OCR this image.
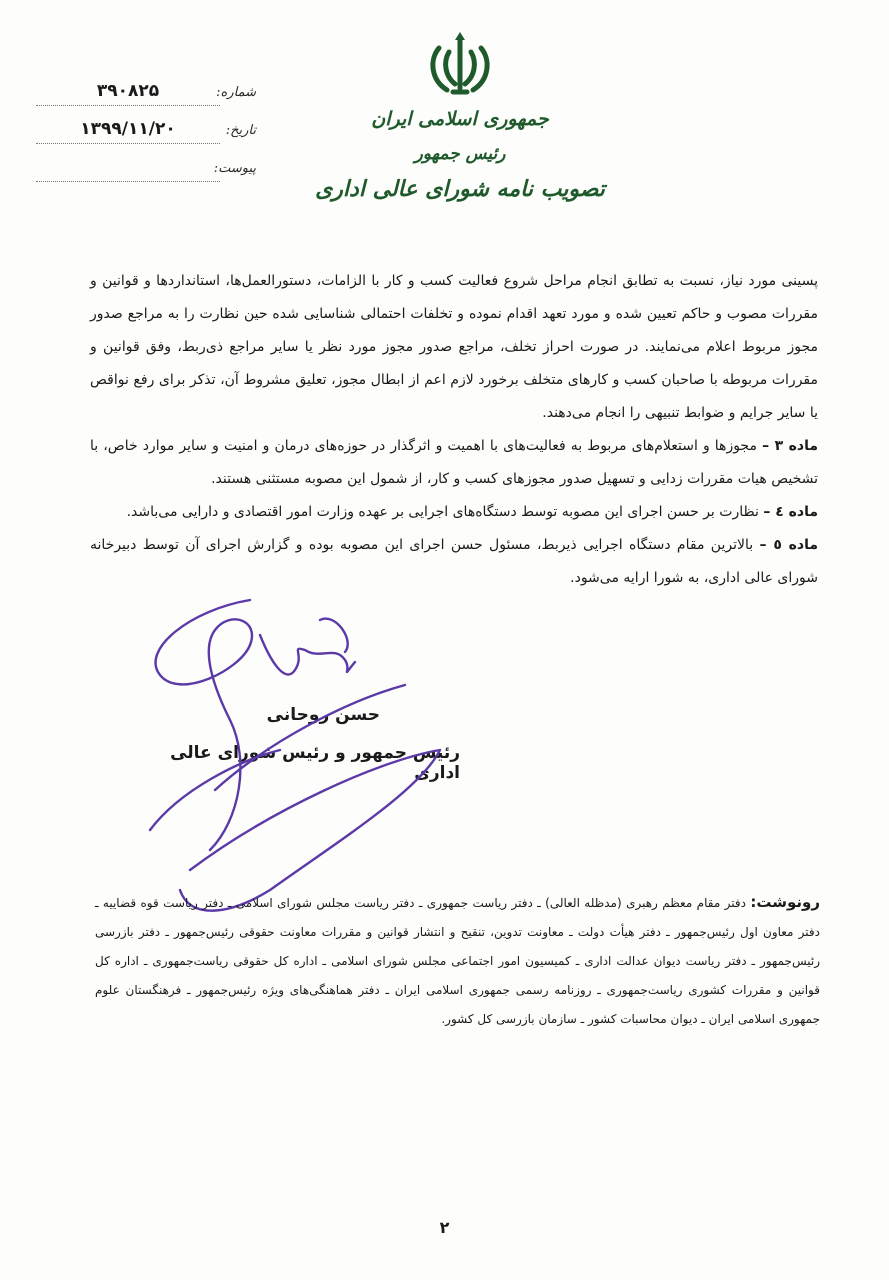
جمهوری اسلامی ایران
رئیس جمهور
تصویب نامه شورای عالی اداری
شماره:
۳۹۰۸۲۵
تاریخ:
۱۳۹۹/۱۱/۲۰
پیوست:

پسینی مورد نیاز، نسبت به تطابق انجام مراحل شروع فعالیت کسب و کار با الزامات، دستورالعمل‌ها، استانداردها و قوانین و مقررات مصوب و حاکم تعیین شده و مورد تعهد اقدام نموده و تخلفات احتمالی شناسایی شده حین نظارت را به مراجع صدور مجوز مربوط اعلام می‌نمایند. در صورت احراز تخلف، مراجع صدور مجوز مورد نظر یا سایر مراجع ذی‌ربط، وفق قوانین و مقررات مربوطه با صاحبان کسب و کارهای متخلف برخورد لازم اعم از ابطال مجوز، تعلیق مشروط آن، تذکر برای رفع نواقص یا سایر جرایم و ضوابط تنبیهی را انجام می‌دهند.

ماده ۳ – مجوزها و استعلام‌های مربوط به فعالیت‌های با اهمیت و اثرگذار در حوزه‌های درمان و امنیت و سایر موارد خاص، با تشخیص هیات مقررات زدایی و تسهیل صدور مجوزهای کسب و کار، از شمول این مصوبه مستثنی هستند.

ماده ٤ – نظارت بر حسن اجرای این مصوبه توسط دستگاه‌های اجرایی بر عهده وزارت امور اقتصادی و دارایی می‌باشد.

ماده ٥ – بالاترین مقام دستگاه اجرایی ذیربط، مسئول حسن اجرای این مصوبه بوده و گزارش اجرای آن توسط دبیرخانه شورای عالی اداری، به شورا ارایه می‌شود.

حسن روحانی
رئیس جمهور و رئیس شورای عالی اداری
رونوشت: دفتر مقام معظم رهبری (مدظله العالی) ـ دفتر ریاست جمهوری ـ دفتر ریاست مجلس شورای اسلامی ـ دفتر ریاست قوه قضاییه ـ دفتر معاون اول رئیس‌جمهور ـ دفتر هیأت دولت ـ معاونت تدوین، تنقیح و انتشار قوانین و مقررات معاونت حقوقی رئیس‌جمهور ـ دفتر بازرسی رئیس‌جمهور ـ دفتر ریاست دیوان عدالت اداری ـ کمیسیون امور اجتماعی مجلس شورای اسلامی ـ اداره کل حقوقی ریاست‌جمهوری ـ اداره کل قوانین و مقررات کشوری ریاست‌جمهوری ـ روزنامه رسمی جمهوری اسلامی ایران ـ دفتر هماهنگی‌های ویژه رئیس‌جمهور ـ فرهنگستان علوم جمهوری اسلامی ایران ـ دیوان محاسبات کشور ـ سازمان بازرسی کل کشور.
۲
